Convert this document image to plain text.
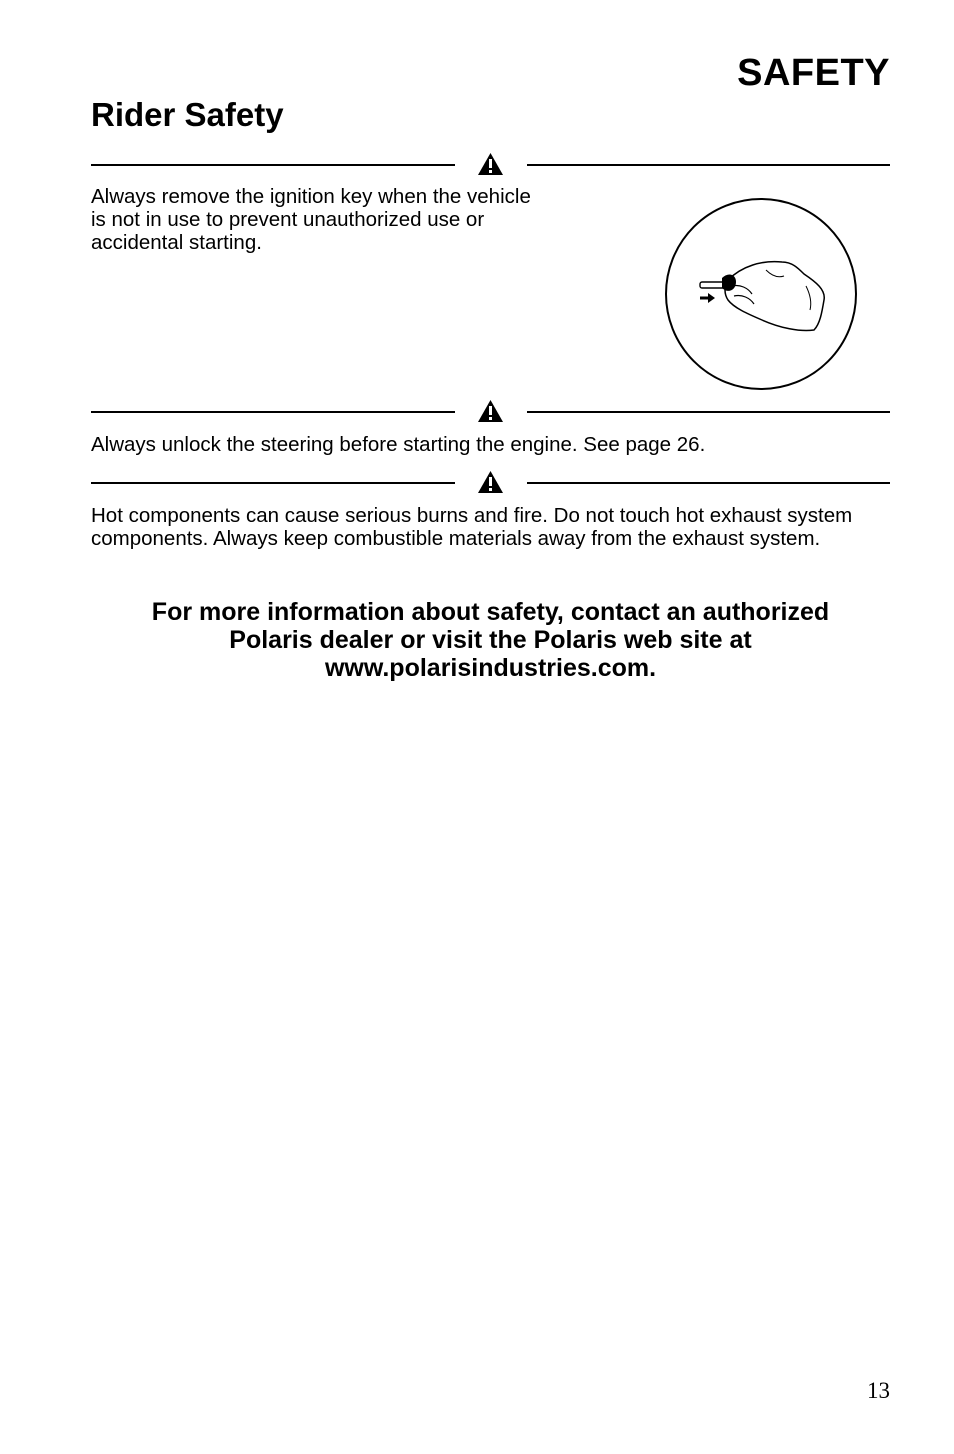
SAFETY
Rider Safety

Always remove the ignition key when the vehicle is not in use to prevent unauthorized use or accidental starting.

Always unlock the steering before starting the engine. See page 26.

Hot components can cause serious burns and fire. Do not touch hot exhaust system components. Always keep combustible materials away from the exhaust system.

For more information about safety, contact an authorized
Polaris dealer or visit the Polaris web site at
www.polarisindustries.com.

13
